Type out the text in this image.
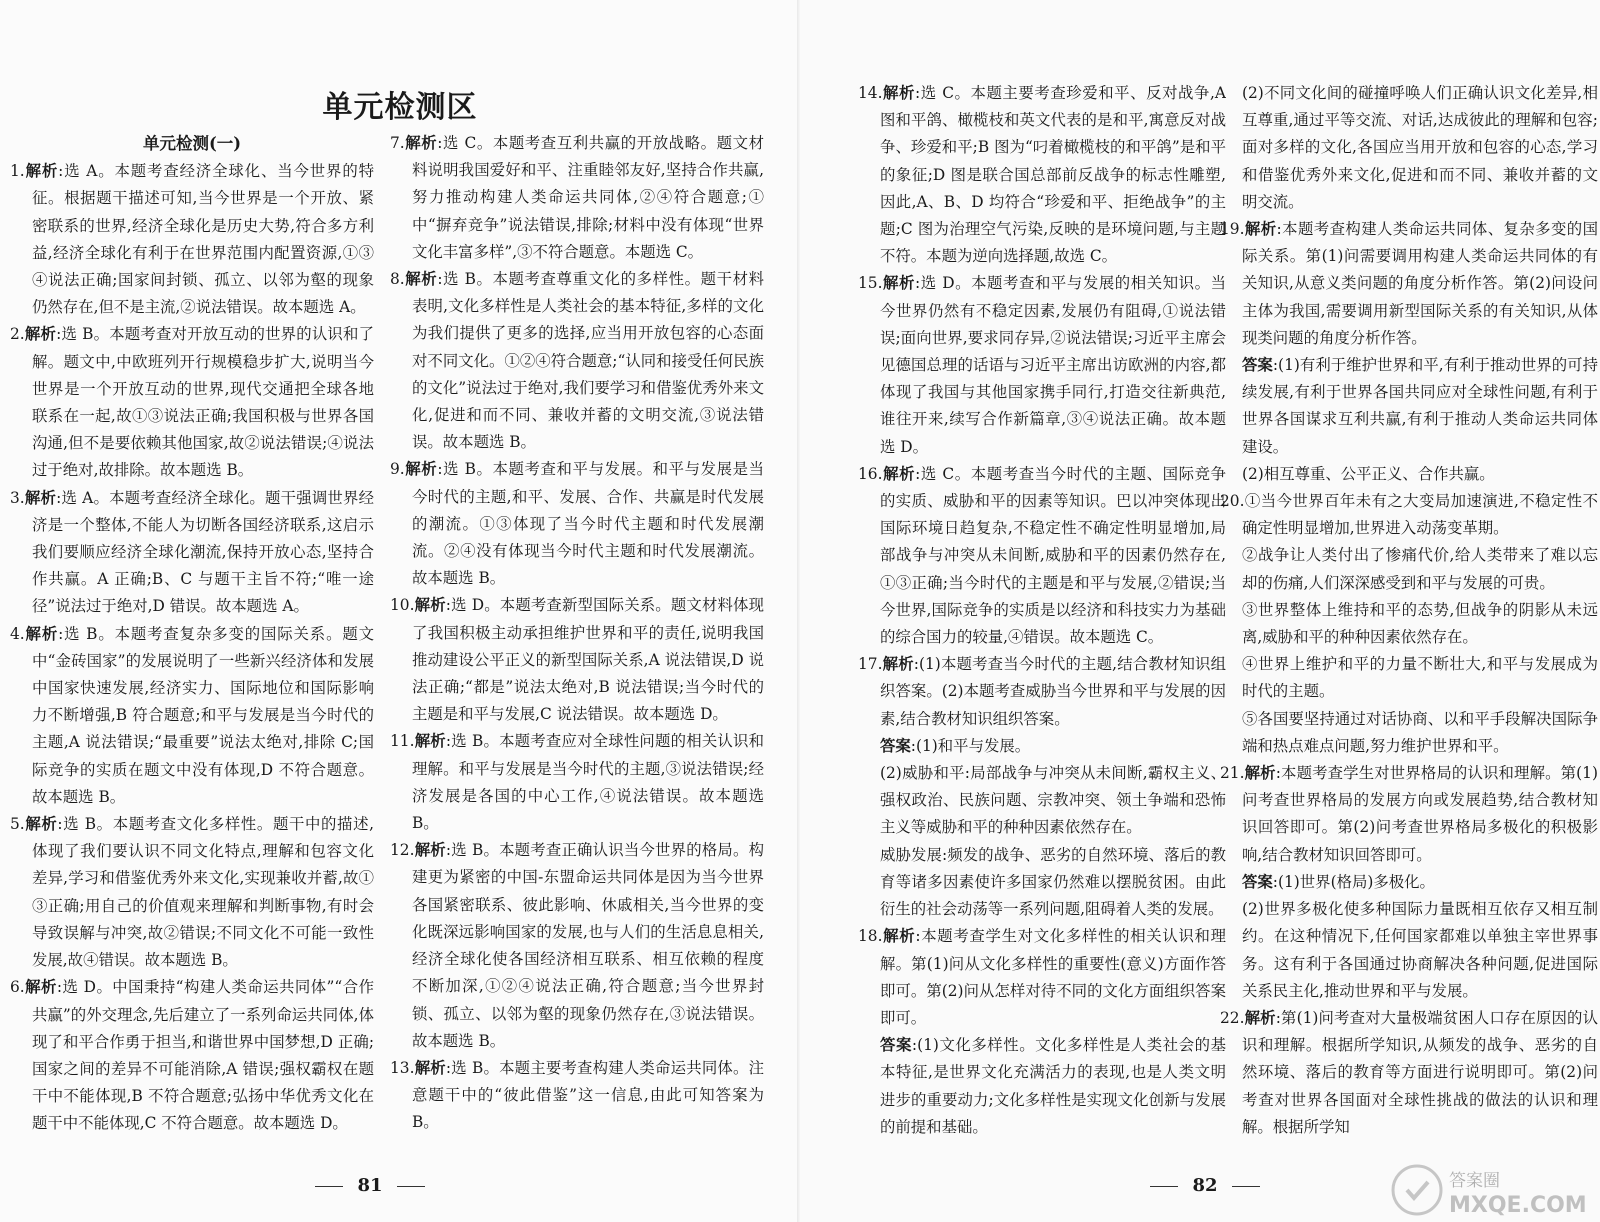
单元检测区

单元检测(一)

1.解析:选 A。本题考查经济全球化、当今世界的特征。根据题干描述可知,当今世界是一个开放、紧密联系的世界,经济全球化是历史大势,符合多方利益,经济全球化有利于在世界范围内配置资源,①③④说法正确;国家间封锁、孤立、以邻为壑的现象仍然存在,但不是主流,②说法错误。故本题选 A。

2.解析:选 B。本题考查对开放互动的世界的认识和了解。题文中,中欧班列开行规模稳步扩大,说明当今世界是一个开放互动的世界,现代交通把全球各地联系在一起,故①③说法正确;我国积极与世界各国沟通,但不是要依赖其他国家,故②说法错误;④说法过于绝对,故排除。故本题选 B。

3.解析:选 A。本题考查经济全球化。题干强调世界经济是一个整体,不能人为切断各国经济联系,这启示我们要顺应经济全球化潮流,保持开放心态,坚持合作共赢。A 正确;B、C 与题干主旨不符;“唯一途径”说法过于绝对,D 错误。故本题选 A。

4.解析:选 B。本题考查复杂多变的国际关系。题文中“金砖国家”的发展说明了一些新兴经济体和发展中国家快速发展,经济实力、国际地位和国际影响力不断增强,B 符合题意;和平与发展是当今时代的主题,A 说法错误;“最重要”说法太绝对,排除 C;国际竞争的实质在题文中没有体现,D 不符合题意。故本题选 B。

5.解析:选 B。本题考查文化多样性。题干中的描述,体现了我们要认识不同文化特点,理解和包容文化差异,学习和借鉴优秀外来文化,实现兼收并蓄,故①③正确;用自己的价值观来理解和判断事物,有时会导致误解与冲突,故②错误;不同文化不可能一致性发展,故④错误。故本题选 B。

6.解析:选 D。中国秉持“构建人类命运共同体”“合作共赢”的外交理念,先后建立了一系列命运共同体,体现了和平合作勇于担当,和谐世界中国梦想,D 正确;国家之间的差异不可能消除,A 错误;强权霸权在题干中不能体现,B 不符合题意;弘扬中华优秀文化在题干中不能体现,C 不符合题意。故本题选 D。

7.解析:选 C。本题考查互利共赢的开放战略。题文材料说明我国爱好和平、注重睦邻友好,坚持合作共赢,努力推动构建人类命运共同体,②④符合题意;①中“摒弃竞争”说法错误,排除;材料中没有体现“世界文化丰富多样”,③不符合题意。本题选 C。

8.解析:选 B。本题考查尊重文化的多样性。题干材料表明,文化多样性是人类社会的基本特征,多样的文化为我们提供了更多的选择,应当用开放包容的心态面对不同文化。①②④符合题意;“认同和接受任何民族的文化”说法过于绝对,我们要学习和借鉴优秀外来文化,促进和而不同、兼收并蓄的文明交流,③说法错误。故本题选 B。

9.解析:选 B。本题考查和平与发展。和平与发展是当今时代的主题,和平、发展、合作、共赢是时代发展的潮流。①③体现了当今时代主题和时代发展潮流。②④没有体现当今时代主题和时代发展潮流。故本题选 B。

10.解析:选 D。本题考查新型国际关系。题文材料体现了我国积极主动承担维护世界和平的责任,说明我国推动建设公平正义的新型国际关系,A 说法错误,D 说法正确;“都是”说法太绝对,B 说法错误;当今时代的主题是和平与发展,C 说法错误。故本题选 D。

11.解析:选 B。本题考查应对全球性问题的相关认识和理解。和平与发展是当今时代的主题,③说法错误;经济发展是各国的中心工作,④说法错误。故本题选 B。

12.解析:选 B。本题考查正确认识当今世界的格局。构建更为紧密的中国-东盟命运共同体是因为当今世界各国紧密联系、彼此影响、休戚相关,当今世界的变化既深远影响国家的发展,也与人们的生活息息相关,经济全球化使各国经济相互联系、相互依赖的程度不断加深,①②④说法正确,符合题意;当今世界封锁、孤立、以邻为壑的现象仍然存在,③说法错误。故本题选 B。

13.解析:选 B。本题主要考查构建人类命运共同体。注意题干中的“彼此借鉴”这一信息,由此可知答案为 B。

81

14.解析:选 C。本题主要考查珍爱和平、反对战争,A 图和平鸽、橄榄枝和英文代表的是和平,寓意反对战争、珍爱和平;B 图为“叼着橄榄枝的和平鸽”是和平的象征;D 图是联合国总部前反战争的标志性雕塑,因此,A、B、D 均符合“珍爱和平、拒绝战争”的主题;C 图为治理空气污染,反映的是环境问题,与主题不符。本题为逆向选择题,故选 C。

15.解析:选 D。本题考查和平与发展的相关知识。当今世界仍然有不稳定因素,发展仍有阻碍,①说法错误;面向世界,要求同存异,②说法错误;习近平主席会见德国总理的话语与习近平主席出访欧洲的内容,都体现了我国与其他国家携手同行,打造交往新典范,谁往开来,续写合作新篇章,③④说法正确。故本题选 D。

16.解析:选 C。本题考查当今时代的主题、国际竞争的实质、威胁和平的因素等知识。巴以冲突体现出国际环境日趋复杂,不稳定性不确定性明显增加,局部战争与冲突从未间断,威胁和平的因素仍然存在,①③正确;当今时代的主题是和平与发展,②错误;当今世界,国际竞争的实质是以经济和科技实力为基础的综合国力的较量,④错误。故本题选 C。

17.解析:(1)本题考查当今时代的主题,结合教材知识组织答案。(2)本题考查威胁当今世界和平与发展的因素,结合教材知识组织答案。

答案:(1)和平与发展。

(2)威胁和平:局部战争与冲突从未间断,霸权主义、强权政治、民族问题、宗教冲突、领土争端和恐怖主义等威胁和平的种种因素依然存在。

威胁发展:频发的战争、恶劣的自然环境、落后的教育等诸多因素使许多国家仍然难以摆脱贫困。由此衍生的社会动荡等一系列问题,阻碍着人类的发展。

18.解析:本题考查学生对文化多样性的相关认识和理解。第(1)问从文化多样性的重要性(意义)方面作答即可。第(2)问从怎样对待不同的文化方面组织答案即可。

答案:(1)文化多样性。文化多样性是人类社会的基本特征,是世界文化充满活力的表现,也是人类文明进步的重要动力;文化多样性是实现文化创新与发展的前提和基础。

(2)不同文化间的碰撞呼唤人们正确认识文化差异,相互尊重,通过平等交流、对话,达成彼此的理解和包容;面对多样的文化,各国应当用开放和包容的心态,学习和借鉴优秀外来文化,促进和而不同、兼收并蓄的文明交流。

19.解析:本题考查构建人类命运共同体、复杂多变的国际关系。第(1)问需要调用构建人类命运共同体的有关知识,从意义类问题的角度分析作答。第(2)问设问主体为我国,需要调用新型国际关系的有关知识,从体现类问题的角度分析作答。

答案:(1)有利于维护世界和平,有利于推动世界的可持续发展,有利于世界各国共同应对全球性问题,有利于世界各国谋求互利共赢,有利于推动人类命运共同体建设。

(2)相互尊重、公平正义、合作共赢。

20.①当今世界百年未有之大变局加速演进,不稳定性不确定性明显增加,世界进入动荡变革期。

②战争让人类付出了惨痛代价,给人类带来了难以忘却的伤痛,人们深深感受到和平与发展的可贵。

③世界整体上维持和平的态势,但战争的阴影从未远离,威胁和平的种种因素依然存在。

④世界上维护和平的力量不断壮大,和平与发展成为时代的主题。

⑤各国要坚持通过对话协商、以和平手段解决国际争端和热点难点问题,努力维护世界和平。

21.解析:本题考查学生对世界格局的认识和理解。第(1)问考查世界格局的发展方向或发展趋势,结合教材知识回答即可。第(2)问考查世界格局多极化的积极影响,结合教材知识回答即可。

答案:(1)世界(格局)多极化。

(2)世界多极化使多种国际力量既相互依存又相互制约。在这种情况下,任何国家都难以单独主宰世界事务。这有利于各国通过协商解决各种问题,促进国际关系民主化,推动世界和平与发展。

22.解析:第(1)问考查对大量极端贫困人口存在原因的认识和理解。根据所学知识,从频发的战争、恶劣的自然环境、落后的教育等方面进行说明即可。第(2)问考查对世界各国面对全球性挑战的做法的认识和理解。根据所学知

82	答案圈
MXQE.COM
